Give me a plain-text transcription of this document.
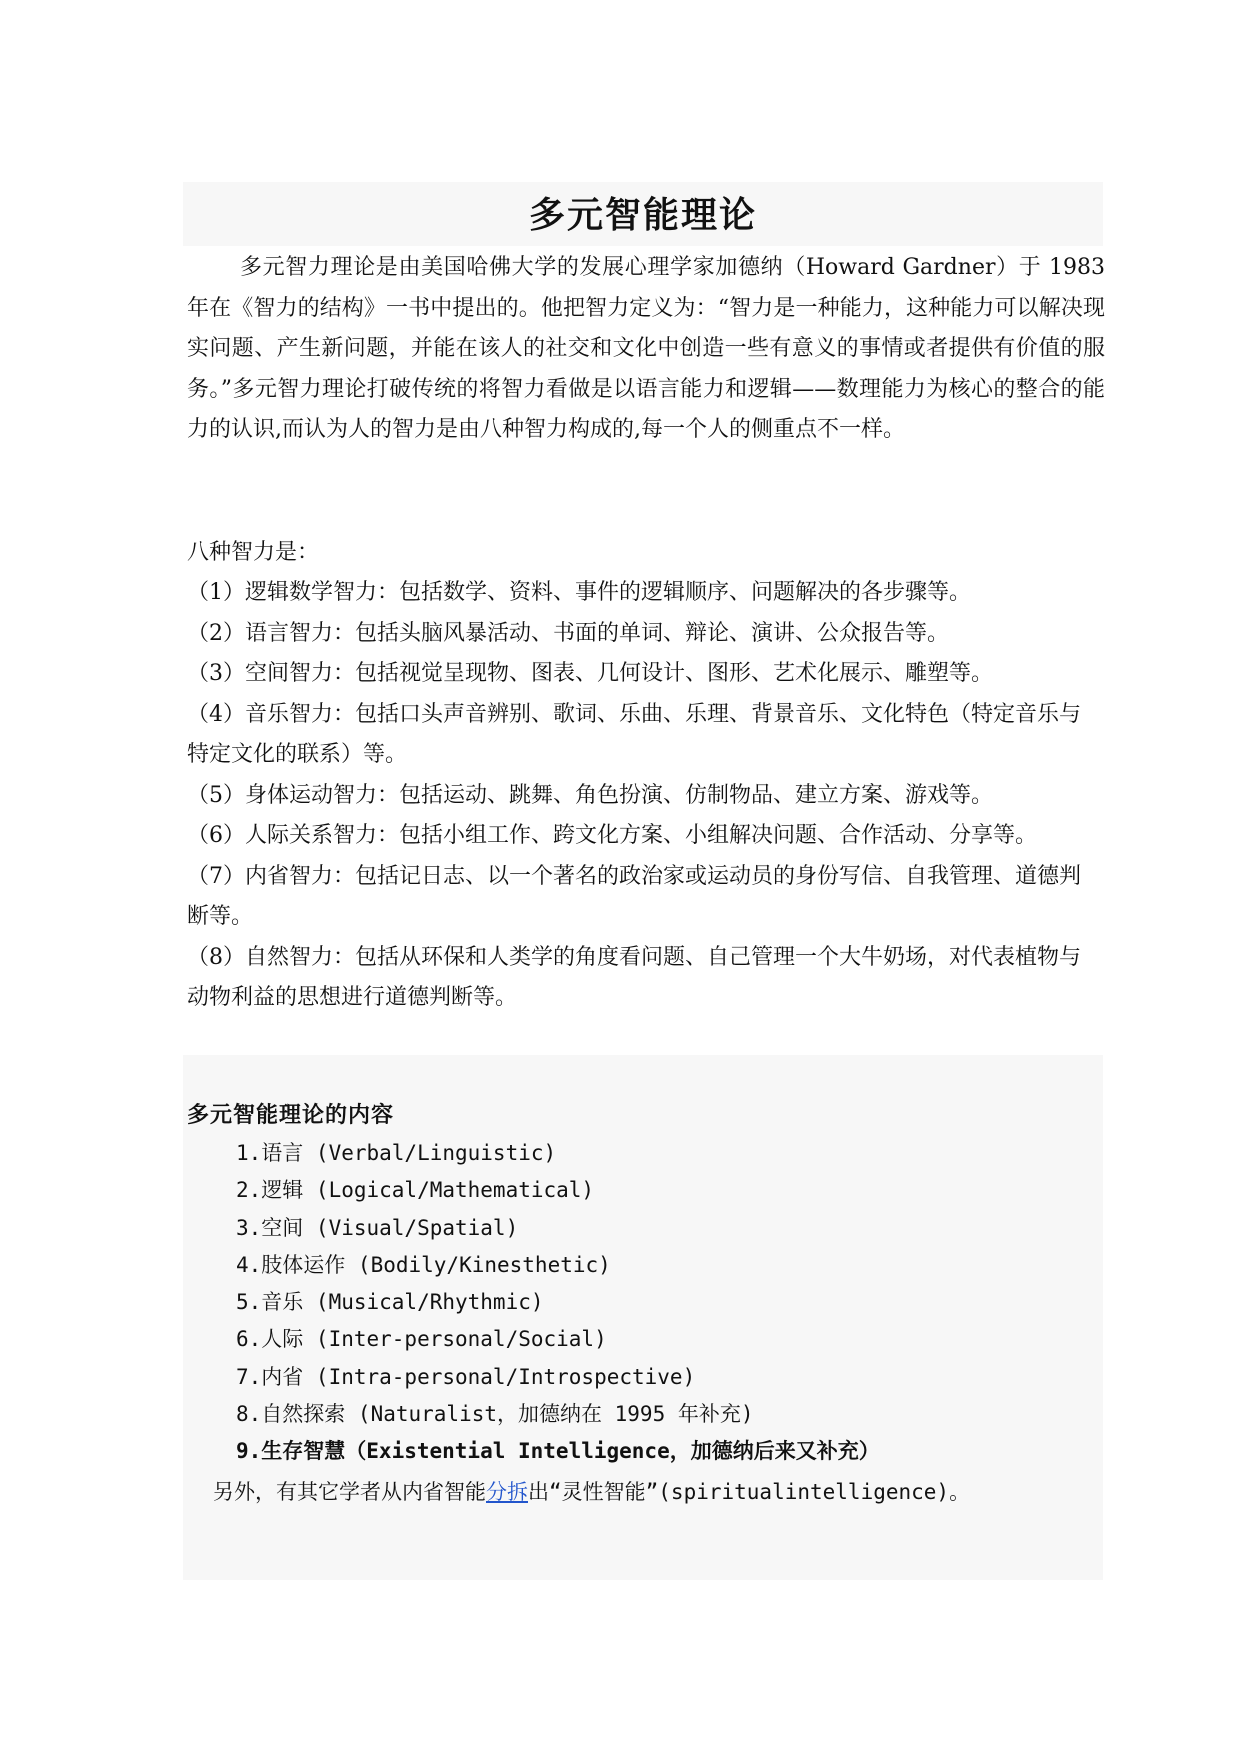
多元智能理论

多元智力理论是由美国哈佛大学的发展心理学家加德纳（Howard Gardner）于 1983 年在《智力的结构》一书中提出的。他把智力定义为：“智力是一种能力，这种能力可以解决现实问题、产生新问题，并能在该人的社交和文化中创造一些有意义的事情或者提供有价值的服务。”多元智力理论打破传统的将智力看做是以语言能力和逻辑——数理能力为核心的整合的能力的认识,而认为人的智力是由八种智力构成的,每一个人的侧重点不一样。

八种智力是：
（1）逻辑数学智力：包括数学、资料、事件的逻辑顺序、问题解决的各步骤等。
（2）语言智力：包括头脑风暴活动、书面的单词、辩论、演讲、公众报告等。
（3）空间智力：包括视觉呈现物、图表、几何设计、图形、艺术化展示、雕塑等。
（4）音乐智力：包括口头声音辨别、歌词、乐曲、乐理、背景音乐、文化特色（特定音乐与特定文化的联系）等。
（5）身体运动智力：包括运动、跳舞、角色扮演、仿制物品、建立方案、游戏等。
（6）人际关系智力：包括小组工作、跨文化方案、小组解决问题、合作活动、分享等。
（7）内省智力：包括记日志、以一个著名的政治家或运动员的身份写信、自我管理、道德判断等。
（8）自然智力：包括从环保和人类学的角度看问题、自己管理一个大牛奶场，对代表植物与动物利益的思想进行道德判断等。
多元智能理论的内容
1.语言 (Verbal/Linguistic)
2.逻辑 (Logical/Mathematical)
3.空间 (Visual/Spatial)
4.肢体运作 (Bodily/Kinesthetic)
5.音乐 (Musical/Rhythmic)
6.人际 (Inter-personal/Social)
7.内省 (Intra-personal/Introspective)
8.自然探索 (Naturalist，加德纳在 1995 年补充)
9.生存智慧（Existential Intelligence，加德纳后来又补充）
另外，有其它学者从内省智能分拆出“灵性智能”(spiritualintelligence)。
